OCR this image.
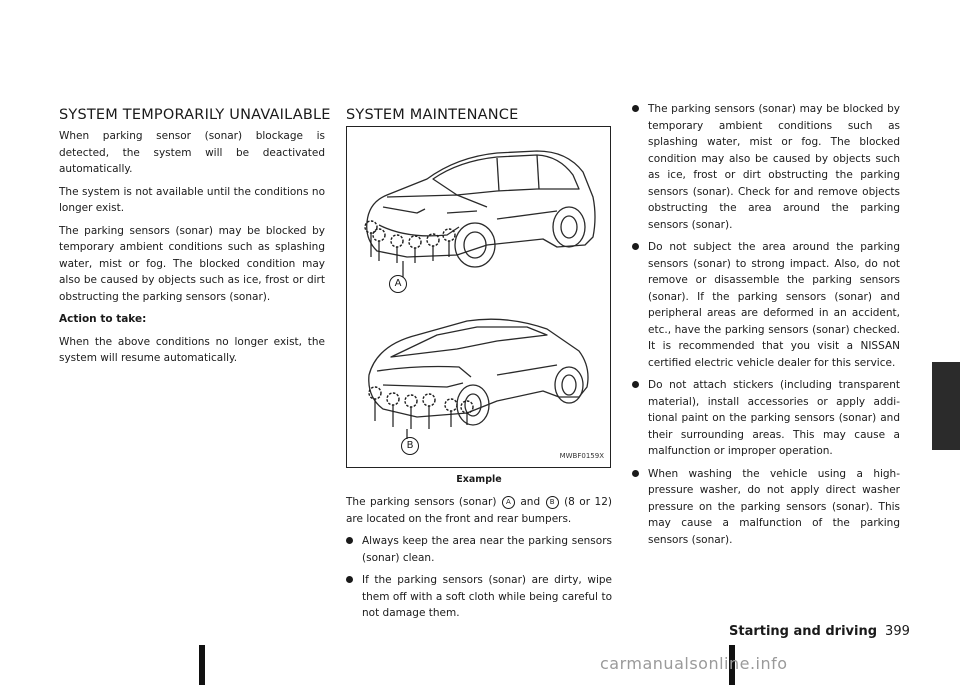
SYSTEM TEMPORARILY UNAVAILABLE

When parking sensor (sonar) blockage is detected, the system will be deactivated automatically.

The system is not available until the conditions no longer exist.

The parking sensors (sonar) may be blocked by temporary ambient conditions such as splashing water, mist or fog. The blocked condition may also be caused by objects such as ice, frost or dirt obstructing the parking sensors (sonar).

Action to take:

When the above conditions no longer exist, the system will resume automatically.

SYSTEM MAINTENANCE
A
B
MWBF0159X
Example

The parking sensors (sonar) A and B (8 or 12) are located on the front and rear bumpers.

Always keep the area near the parking sensors (sonar) clean.
If the parking sensors (sonar) are dirty, wipe them off with a soft cloth while being careful to not damage them.
The parking sensors (sonar) may be blocked by temporary ambient conditions such as splashing water, mist or fog. The blocked condition may also be caused by objects such as ice, frost or dirt obstructing the parking sensors (sonar). Check for and remove objects obstructing the area around the parking sensors (sonar).
Do not subject the area around the parking sensors (sonar) to strong impact. Also, do not remove or disassemble the parking sensors (sonar). If the parking sensors (sonar) and peripheral areas are deformed in an accident, etc., have the parking sensors (sonar) checked. It is recommended that you visit a NISSAN certified electric vehicle dealer for this service.
Do not attach stickers (including transparent material), install accessories or apply addi- tional paint on the parking sensors (sonar) and their surrounding areas. This may cause a malfunction or improper operation.
When washing the vehicle using a high- pressure washer, do not apply direct washer pressure on the parking sensors (sonar). This may cause a malfunction of the parking sensors (sonar).
Starting and driving 399
carmanualsonline.info
